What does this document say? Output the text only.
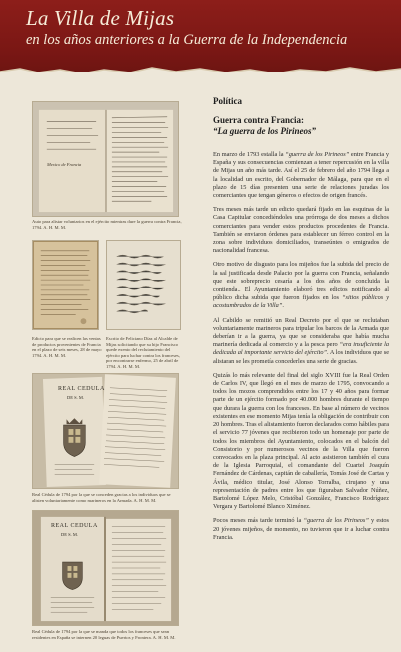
La Villa de Mijas
en los años anteriores a la Guerra de la Independencia
Mexico de Francia

Auto para alistar voluntarios en el ejército mientras dure la guerra contra Francia, 1794. A. H. M. M.

Edicto para que se realicen las ventas de productos provenientes de Francia en el plazo de seis meses, 28 de mayo 1794. A. H. M. M.

Escrito de Feliciano Díaz al Alcalde de Mijas solicitando que su hijo Francisco quede exento del reclutamiento del ejército para luchar contra los franceses, por encontrarse enfermo, 25 de abril de 1794. A. H. M. M.

REAL CEDULA
DE S. M.

Real Cédula de 1794 por la que se conceden gracias a los individuos que se alisten voluntariamente como marineros en la Armada. A. H. M. M.

REAL CEDULA
DE S. M.

Real Cédula de 1794 por la que se manda que todos los franceses que sean residentes en España se internen 20 leguas de Puertos y Frontera. A. H. M. M.

Política

Guerra contra Francia:

“La guerra de los Pirineos”

En marzo de 1793 estalla la “guerra de los Pirineos” entre Francia y España y sus consecuencias comienzan a tener repercusión en la villa de Mijas un año más tarde. Así el 25 de febrero del año 1794 llega a la localidad un escrito, del Gobernador de Málaga, para que en el plazo de 15 días presenten una serie de relaciones juradas los comerciantes que tengan géneros o efectos de origen francés.

Tres meses más tarde un edicto quedará fijado en las esquinas de la Casa Capitular concediéndoles una prórroga de dos meses a dichos comerciantes para vender estos productos procedentes de Francia. También se enviaron órdenes para establecer un férreo control en la zona sobre individuos domiciliados, transeúntes o emigrados de nacionalidad francesa.

Otro motivo de disgusto para los mijeños fue la subida del precio de la sal justificada desde Palacio por la guerra con Francia, señalando que este sobreprecio cesaría a los dos años de concluida la contienda.. El Ayuntamiento elaboró tres edictos notificando al público dicha subida que fueron fijados en los “sitios públicos y acostumbrados de la Villa”.

Al Cabildo se remitió un Real Decreto por el que se reclutaban voluntariamente marineros para tripular los barcos de la Armada que deberían ir a la guerra, ya que se consideraba que había mucha marinería dedicada al comercio y a la pesca pero “era insuficiente la dedicada al importante servicio del ejército”. A los individuos que se alistaran se les prometía concederles una serie de gracias.

Quizás lo más relevante del final del siglo XVIII fue la Real Orden de Carlos IV, que llegó en el mes de marzo de 1795, convocando a todos los mozos comprendidos entre los 17 y 40 años para formar parte de un ejército formado por 40.000 hombres durante el tiempo que durara la guerra con los franceses. En base al número de vecinos existentes en ese momento Mijas tenía la obligación de contribuir con 20 hombres. Tras el alistamiento fueron declarados como hábiles para el servicio 77 jóvenes que recibieron todo un homenaje por parte de todos los miembros del Ayuntamiento, colocados en el balcón del Consistorio y por numerosos vecinos de la Villa que fueron convocados en la plaza principal. Al acto asistieron también el cura de la Iglesia Parroquial, el comandante del Cuartel Joaquín Fernández de Cárdenas, capitán de caballería, Tomás José de Cartas y Ávila, médico titular, José Alonso Torralba, cirujano y una representación de padres entre los que figuraban Salvador Núñez, Bartolomé López Melo, Cristóbal González, Francisco Rodríguez Vergara y Bartolomé Blanco Ximénez.

Pocos meses más tarde terminó la “guerra de los Pirineos” y estos 20 jóvenes mijeños, de momento, no tuvieron que ir a luchar contra Francia.
